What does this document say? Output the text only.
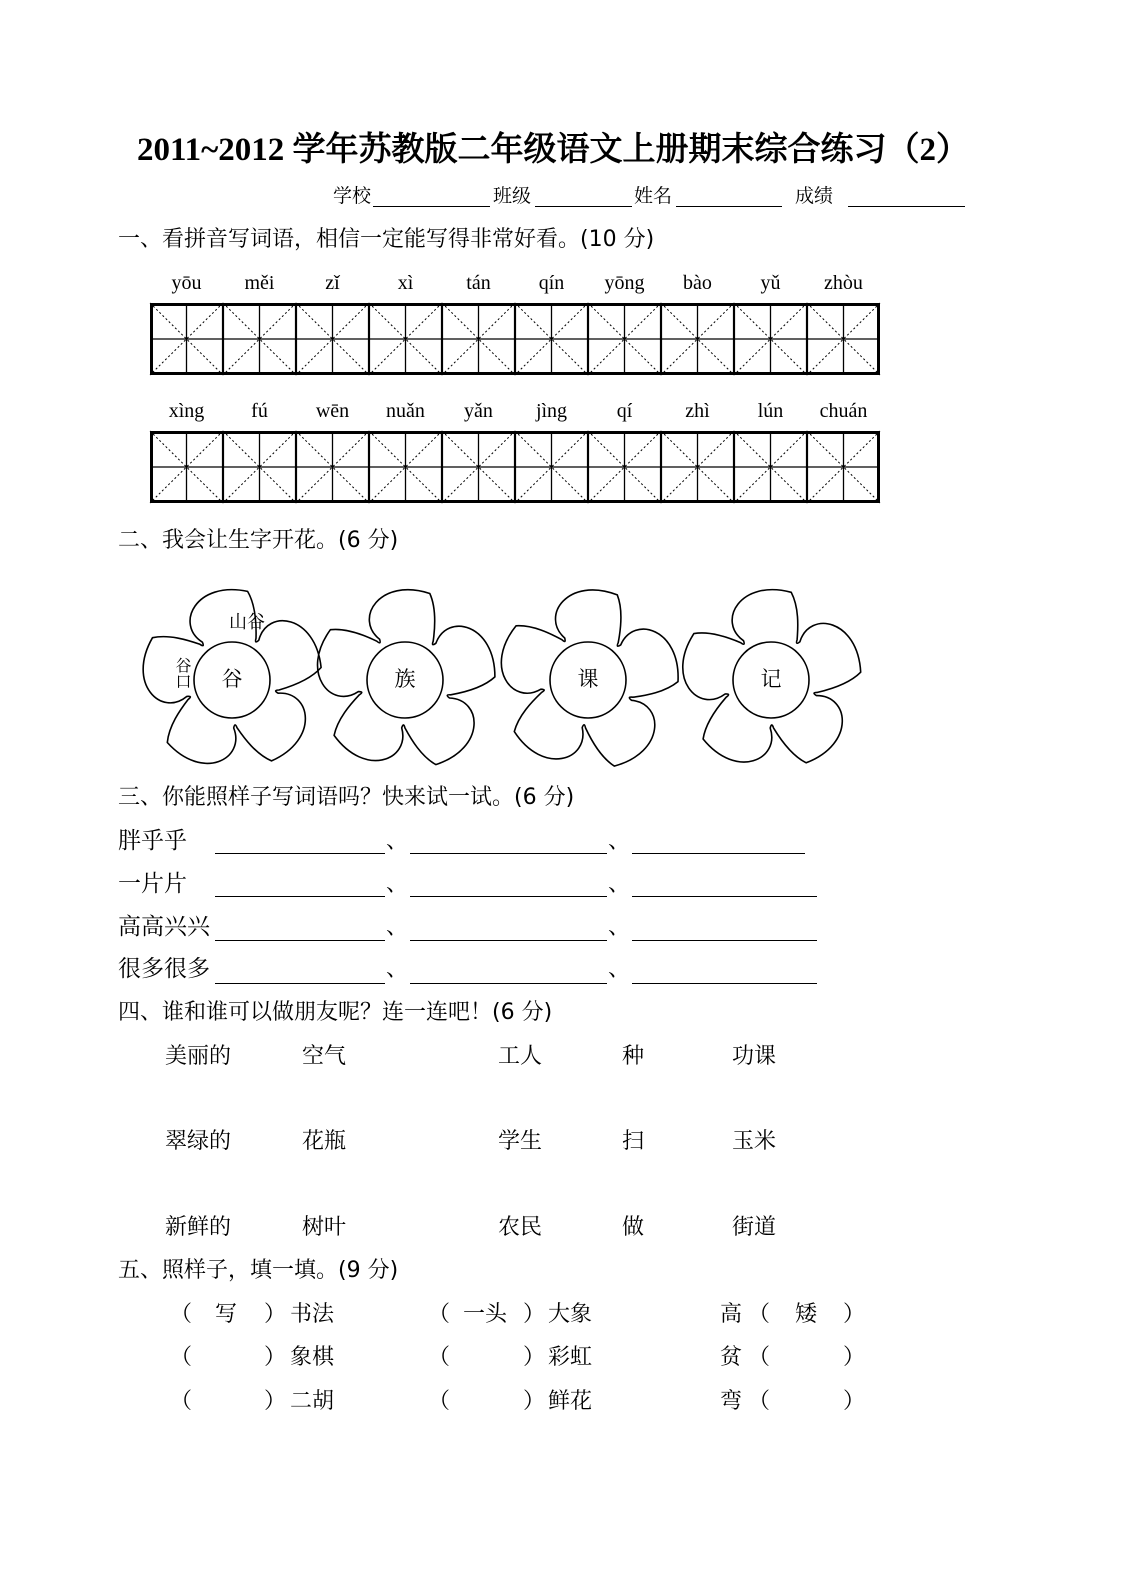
2011~2012 学年苏教版二年级语文上册期末综合练习（2）
学校	班级	姓名	成绩
一、看拼音写词语，相信一定能写得非常好看。(10 分)
二、我会让生字开花。(6 分)
三、你能照样子写词语吗？快来试一试。(6 分)
四、谁和谁可以做朋友呢？连一连吧！(6 分)
五、照样子，填一填。(9 分)
yōu	měi	zǐ	xì	tán	qín	yōng	bào	yǔ	zhòu
xìng	fú	wēn	nuǎn	yǎn	jìng	qí	zhì	lún	chuán
谷
山谷
谷口	族	课	记
胖乎乎	、	、
一片片	、	、
高高兴兴	、	、
很多很多	、	、
美丽的	空气	工人	种	功课
翠绿的	花瓶	学生	扫	玉米
新鲜的	树叶	农民	做	街道
（	写	） 书法	（ 一头 ） 大象	高 （	矮	）
（	） 象棋	（	） 彩虹	贫 （	）
（	） 二胡	（	） 鲜花	弯 （	）
